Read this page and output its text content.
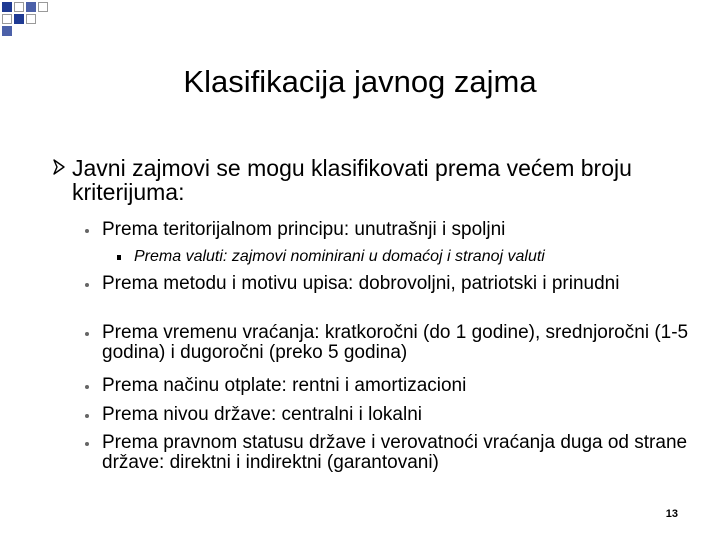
Klasifikacija javnog zajma
Javni zajmovi se mogu klasifikovati prema većem broju kriterijuma:
Prema teritorijalnom principu: unutrašnji i spoljni
Prema valuti: zajmovi nominirani u domaćoj i stranoj valuti
Prema metodu i motivu upisa: dobrovoljni, patriotski i prinudni
Prema vremenu vraćanja: kratkoročni (do 1 godine), srednjoročni (1-5 godina) i dugoročni (preko 5 godina)
Prema načinu otplate: rentni i amortizacioni
Prema nivou države: centralni i lokalni
Prema pravnom statusu države i verovatnoći vraćanja duga od strane države: direktni i indirektni (garantovani)
13
